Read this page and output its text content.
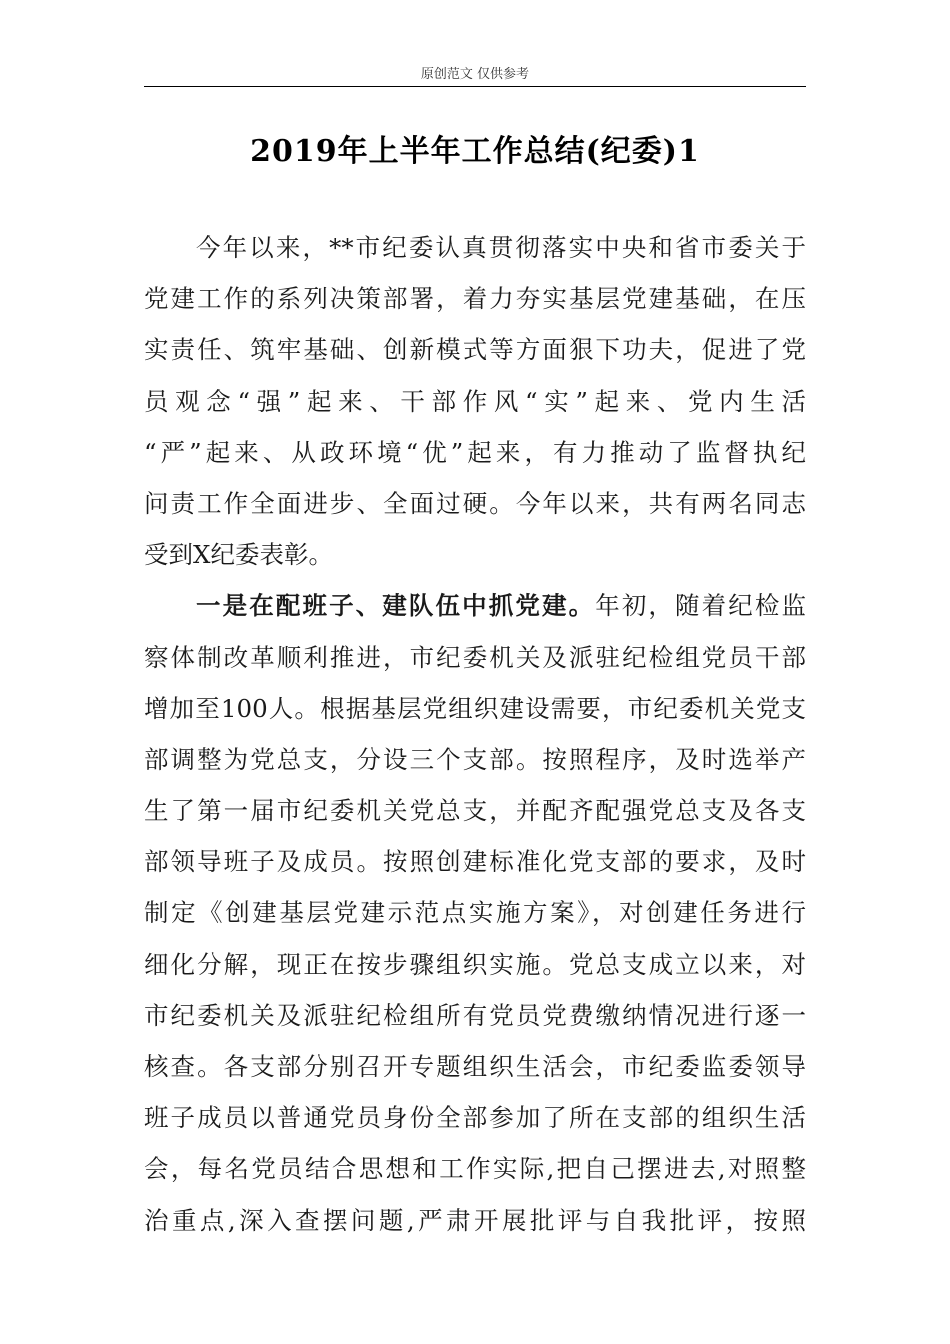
原创范文 仅供参考
2019年上半年工作总结(纪委)1
今年以来，**市纪委认真贯彻落实中央和省市委关于
党建工作的系列决策部署，着力夯实基层党建基础，在压
实责任、筑牢基础、创新模式等方面狠下功夫，促进了党
员观念“强”起来、干部作风“实”起来、党内生活
“严”起来、从政环境“优”起来，有力推动了监督执纪
问责工作全面进步、全面过硬。今年以来，共有两名同志
受到X纪委表彰。
一是在配班子、建队伍中抓党建。年初，随着纪检监
察体制改革顺利推进，市纪委机关及派驻纪检组党员干部
增加至100人。根据基层党组织建设需要，市纪委机关党支
部调整为党总支，分设三个支部。按照程序，及时选举产
生了第一届市纪委机关党总支，并配齐配强党总支及各支
部领导班子及成员。按照创建标准化党支部的要求，及时
制定《创建基层党建示范点实施方案》，对创建任务进行
细化分解，现正在按步骤组织实施。党总支成立以来，对
市纪委机关及派驻纪检组所有党员党费缴纳情况进行逐一
核查。各支部分别召开专题组织生活会，市纪委监委领导
班子成员以普通党员身份全部参加了所在支部的组织生活
会，每名党员结合思想和工作实际,把自己摆进去,对照整
治重点,深入查摆问题,严肃开展批评与自我批评，按照
